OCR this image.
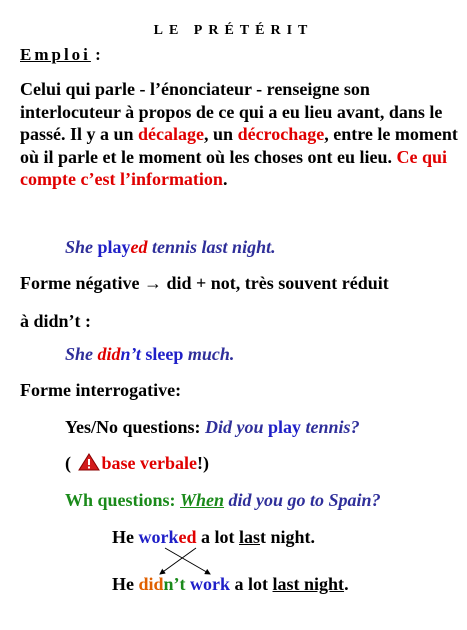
LE PRÉTÉRIT
Emploi :
Celui qui parle - l’énonciateur - renseigne son interlocuteur à propos de ce qui a eu lieu avant, dans le passé. Il y a un décalage, un décrochage, entre le moment où il parle et le moment où les choses ont eu lieu. Ce qui compte c’est l’information.
She played tennis last night.
Forme négative → did + not, très souvent réduit
à didn’t :
She didn’t sleep much.
Forme interrogative:
Yes/No questions: Did you play tennis?
( base verbale!)
Wh questions: When did you go to Spain?
He worked a lot last night.
He didn’t work a lot last night.
